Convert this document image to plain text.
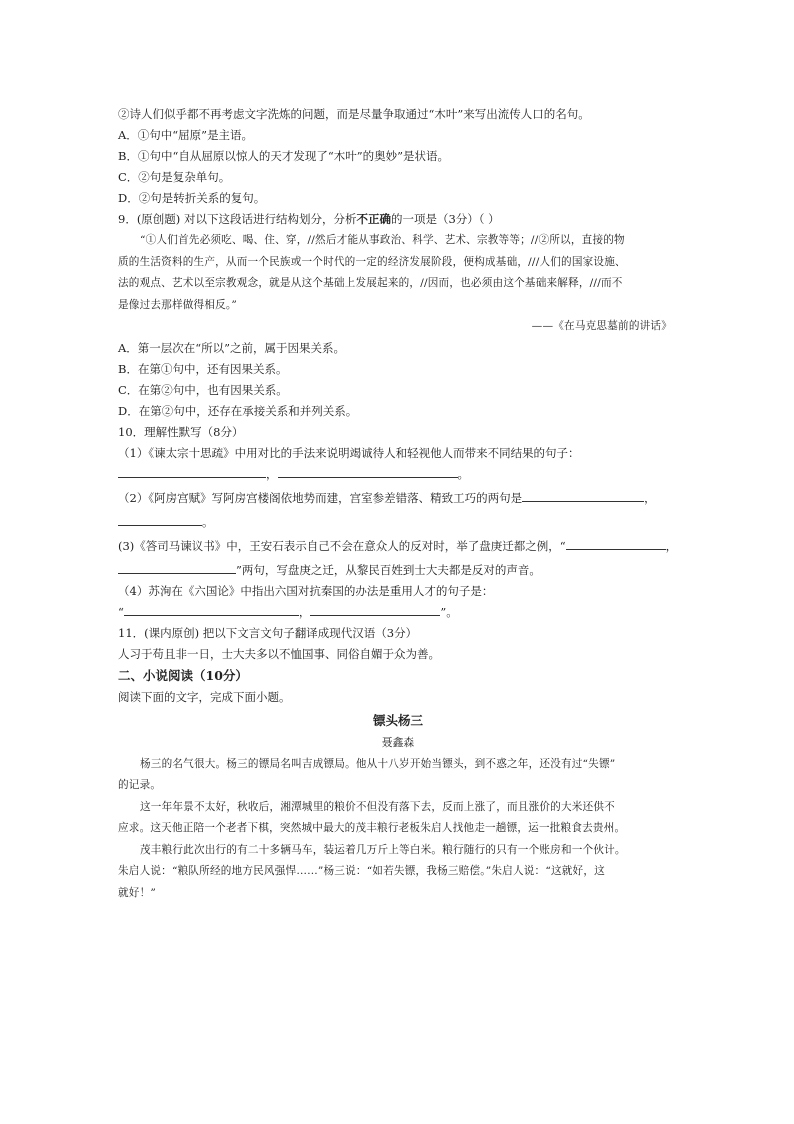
②诗人们似乎都不再考虑文字洗炼的问题，而是尽量争取通过“木叶”来写出流传人口的名句。
A．①句中“屈原”是主语。
B．①句中“自从屈原以惊人的天才发现了“木叶”的奥妙”是状语。
C．②句是复杂单句。
D．②句是转折关系的复句。
9．(原创题) 对以下这段话进行结构划分，分析不正确的一项是（3分）（ ）
“①人们首先必须吃、喝、住、穿，//然后才能从事政治、科学、艺术、宗教等等；//②所以，直接的物
质的生活资料的生产，从而一个民族或一个时代的一定的经济发展阶段，便构成基础，///人们的国家设施、
法的观点、艺术以至宗教观念，就是从这个基础上发展起来的，//因而，也必须由这个基础来解释，///而不
是像过去那样做得相反。”
——《在马克思墓前的讲话》
A．第一层次在“所以”之前，属于因果关系。
B．在第①句中，还有因果关系。
C．在第②句中，也有因果关系。
D．在第②句中，还存在承接关系和并列关系。
10．理解性默写（8分）
（1）《谏太宗十思疏》中用对比的手法来说明竭诚待人和轻视他人而带来不同结果的句子：
，	。
（2）《阿房宫赋》写阿房宫楼阁依地势而建，宫室参差错落、精致工巧的两句是	，
。
(3)《答司马谏议书》中，王安石表示自己不会在意众人的反对时，举了盘庚迁都之例，“	，
”两句，写盘庚之迁，从黎民百姓到士大夫都是反对的声音。
（4）苏洵在《六国论》中指出六国对抗秦国的办法是重用人才的句子是：
“	，	”。
11．(课内原创) 把以下文言文句子翻译成现代汉语（3分）
人习于苟且非一日，士大夫多以不恤国事、同俗自媚于众为善。
二、小说阅读（10分）
阅读下面的文字，完成下面小题。
镖头杨三
聂鑫森
杨三的名气很大。杨三的镖局名叫吉成镖局。他从十八岁开始当镖头，到不惑之年，还没有过“失镖”
的记录。
这一年年景不太好，秋收后，湘潭城里的粮价不但没有落下去，反而上涨了，而且涨价的大米还供不
应求。这天他正陪一个老者下棋，突然城中最大的茂丰粮行老板朱启人找他走一趟镖，运一批粮食去贵州。
茂丰粮行此次出行的有二十多辆马车，装运着几万斤上等白米。粮行随行的只有一个账房和一个伙计。
朱启人说：“粮队所经的地方民风强悍……”杨三说：“如若失镖，我杨三赔偿。”朱启人说：“这就好，这
就好！”
